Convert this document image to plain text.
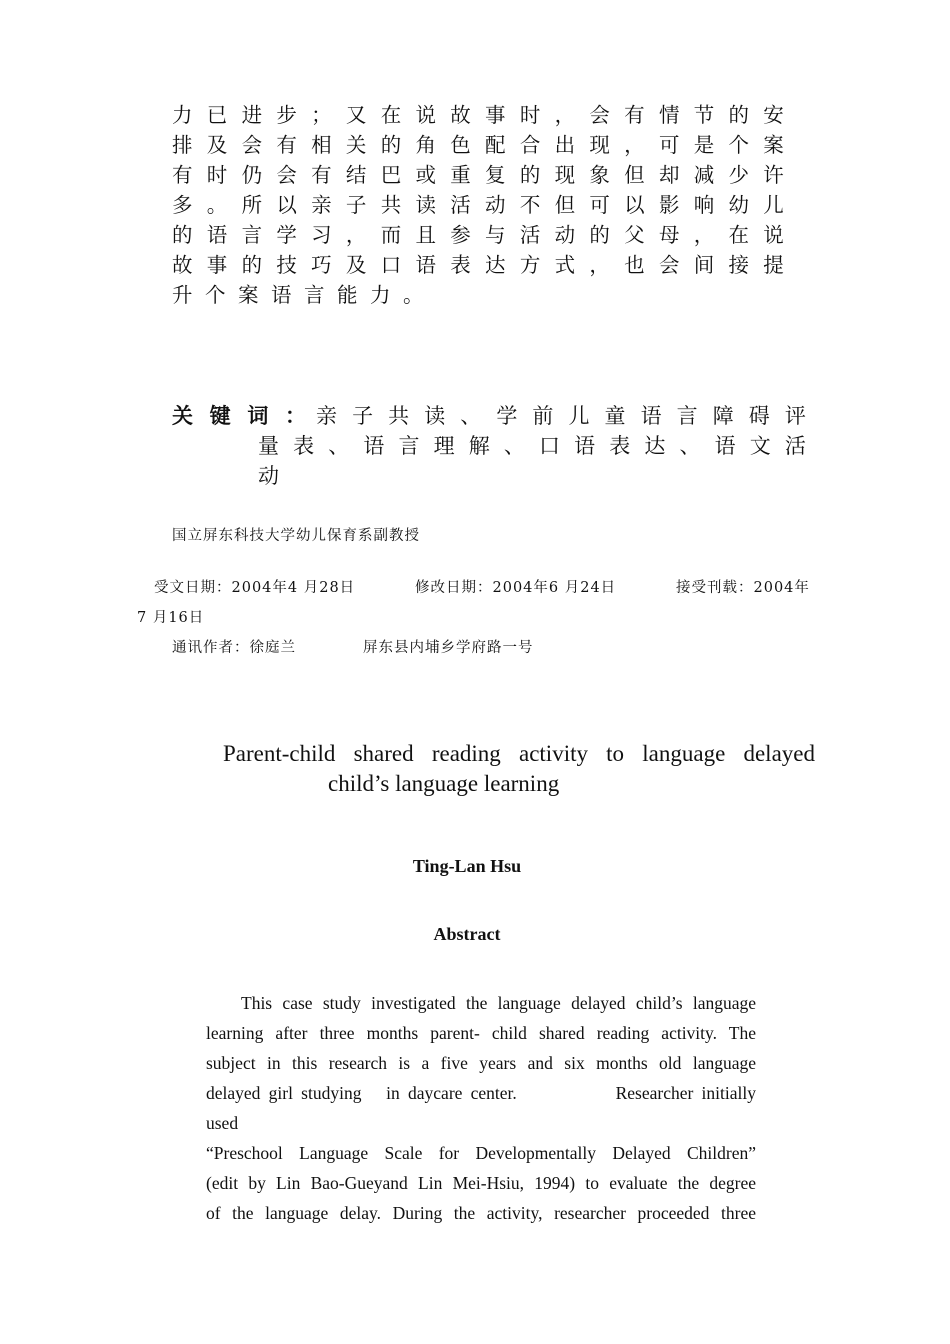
力 已 进 步 ； 又 在 说 故 事 时 ， 会 有 情 节 的 安
排 及 会 有 相 关 的 角 色 配 合 出 现 ， 可 是 个 案
有 时 仍 会 有 结 巴 或 重 复 的 现 象 但 却 减 少 许
多 。 所 以 亲 子 共 读 活 动 不 但 可 以 影 响 幼 儿
的 语 言 学 习 ， 而 且 参 与 活 动 的 父 母 ， 在 说
故 事 的 技 巧 及 口 语 表 达 方 式 ， 也 会 间 接 提
升 个 案 语 言 能 力 。
关 键 词 ： 亲 子 共 读 、 学 前 儿 童 语 言 障 碍 评
量 表 、 语 言 理 解 、 口 语 表 达 、 语 文 活
动
国立屏东科技大学幼儿保育系副教授
受文日期：2004年4 月28日	修改日期：2004年6 月24日	接受刊载：2004年
7 月16日
通讯作者：徐庭兰	屏东县内埔乡学府路一号
Parent-child shared reading activity to language delayed
child’s language learning
Ting-Lan Hsu
Abstract
This case study investigated the language delayed child’s language
learning after three months parent- child shared reading activity. The
subject in this research is a five years and six months old language
delayed girl studying   in daycare center.            Researcher initially
used
“Preschool Language Scale for Developmentally Delayed Children”
(edit by Lin Bao-Gueyand Lin Mei-Hsiu, 1994) to evaluate the degree
of the language delay. During the activity, researcher proceeded three
